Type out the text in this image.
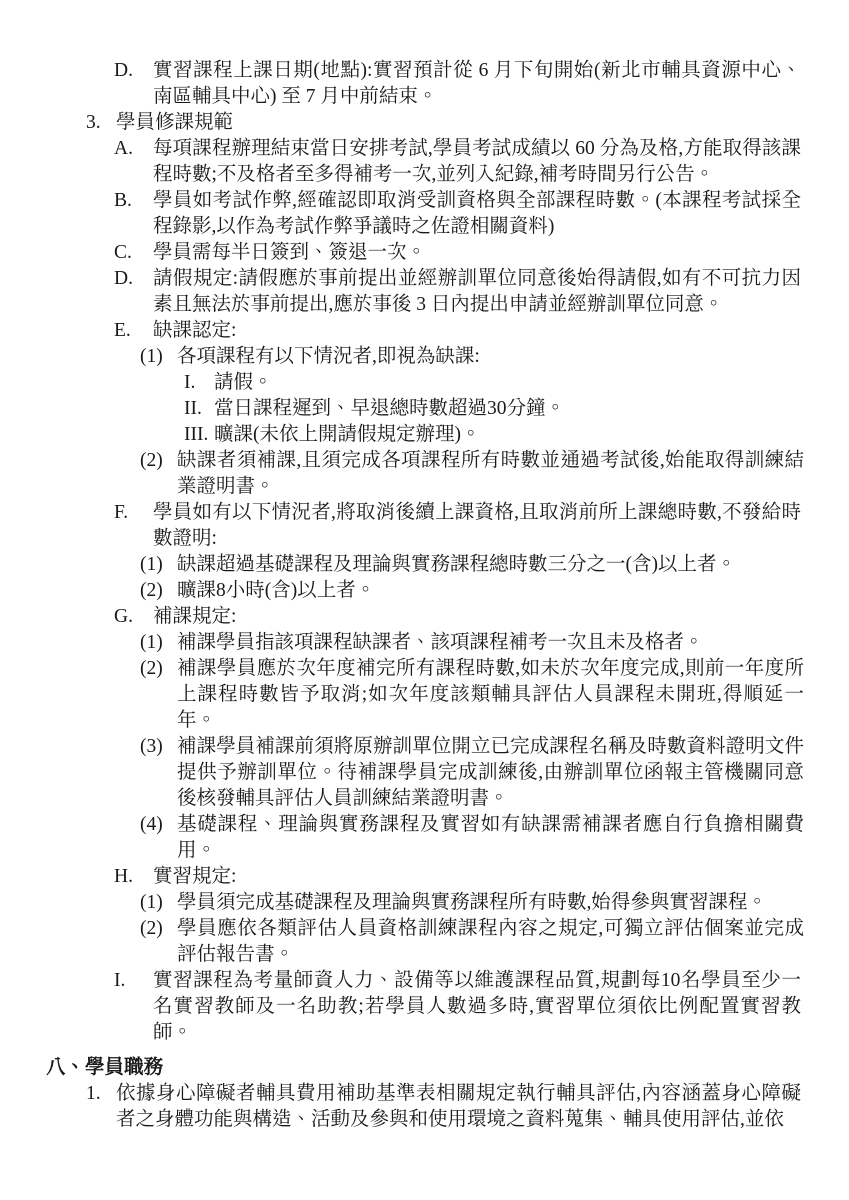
D. 實習課程上課日期(地點):實習預計從 6 月下旬開始(新北市輔具資源中心、南區輔具中心) 至 7 月中前結束。
3. 學員修課規範
A. 每項課程辦理結束當日安排考試,學員考試成績以 60 分為及格,方能取得該課程時數;不及格者至多得補考一次,並列入紀錄,補考時間另行公告。
B. 學員如考試作弊,經確認即取消受訓資格與全部課程時數。(本課程考試採全程錄影,以作為考試作弊爭議時之佐證相關資料)
C. 學員需每半日簽到、簽退一次。
D. 請假規定:請假應於事前提出並經辦訓單位同意後始得請假,如有不可抗力因素且無法於事前提出,應於事後 3 日內提出申請並經辦訓單位同意。
E. 缺課認定:
(1) 各項課程有以下情況者,即視為缺課:
I. 請假。
II. 當日課程遲到、早退總時數超過30分鐘。
III. 曠課(未依上開請假規定辦理)。
(2) 缺課者須補課,且須完成各項課程所有時數並通過考試後,始能取得訓練結業證明書。
F. 學員如有以下情況者,將取消後續上課資格,且取消前所上課總時數,不發給時數證明:
(1) 缺課超過基礎課程及理論與實務課程總時數三分之一(含)以上者。
(2) 曠課8小時(含)以上者。
G. 補課規定:
(1) 補課學員指該項課程缺課者、該項課程補考一次且未及格者。
(2) 補課學員應於次年度補完所有課程時數,如未於次年度完成,則前一年度所上課程時數皆予取消;如次年度該類輔具評估人員課程未開班,得順延一年。
(3) 補課學員補課前須將原辦訓單位開立已完成課程名稱及時數資料證明文件提供予辦訓單位。待補課學員完成訓練後,由辦訓單位函報主管機關同意後核發輔具評估人員訓練結業證明書。
(4) 基礎課程、理論與實務課程及實習如有缺課需補課者應自行負擔相關費用。
H. 實習規定:
(1) 學員須完成基礎課程及理論與實務課程所有時數,始得參與實習課程。
(2) 學員應依各類評估人員資格訓練課程內容之規定,可獨立評估個案並完成評估報告書。
I. 實習課程為考量師資人力、設備等以維護課程品質,規劃每10名學員至少一名實習教師及一名助教;若學員人數過多時,實習單位須依比例配置實習教師。
八、學員職務
1. 依據身心障礙者輔具費用補助基準表相關規定執行輔具評估,內容涵蓋身心障礙者之身體功能與構造、活動及參與和使用環境之資料蒐集、輔具使用評估,並依
